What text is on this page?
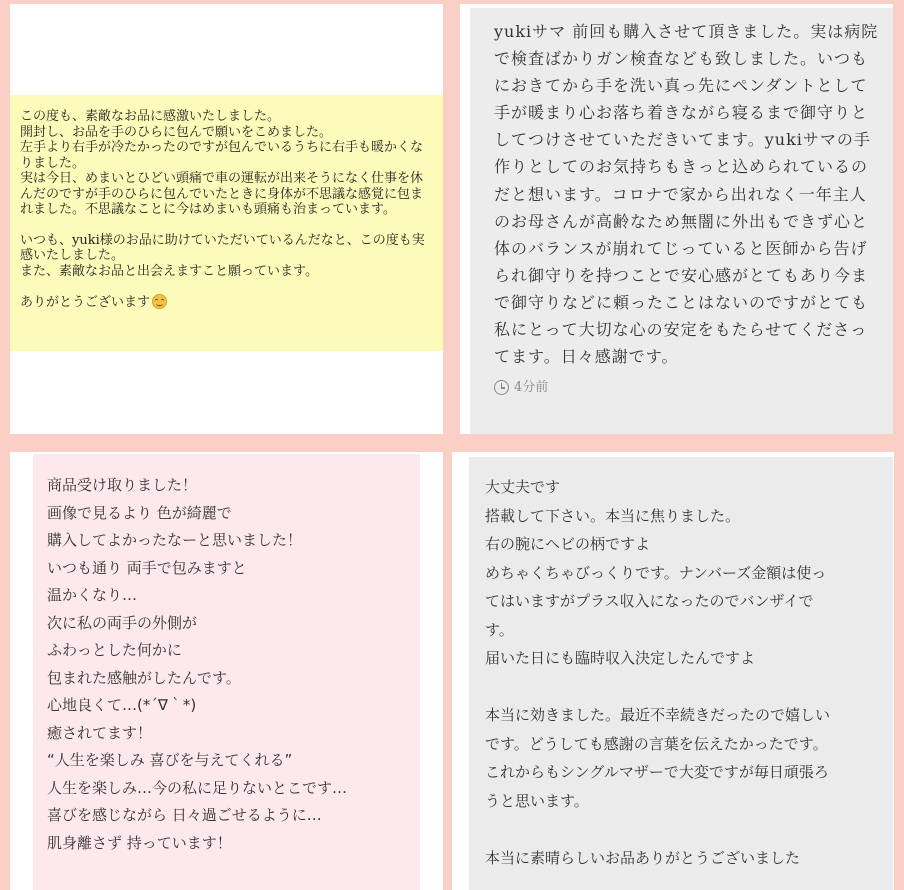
この度も、素敵なお品に感激いたしました。
開封し、お品を手のひらに包んで願いをこめました。
左手より右手が冷たかったのですが包んでいるうちに右手も暖かくなりました。
実は今日、めまいとひどい頭痛で車の運転が出来そうになく仕事を休んだのですが手のひらに包んでいたときに身体が不思議な感覚に包まれました。不思議なことに今はめまいも頭痛も治まっています。

いつも、yuki様のお品に助けていただいているんだなと、この度も実感いたしました。
また、素敵なお品と出会えますこと願っています。

ありがとうございます

yukiサマ 前回も購入させて頂きました。実は病院で検査ばかりガン検査なども致しました。いつもにおきてから手を洗い真っ先にペンダントとして手が暖まり心お落ち着きながら寝るまで御守りとしてつけさせていただきいてます。yukiサマの手作りとしてのお気持ちもきっと込められているのだと想います。コロナで家から出れなく一年主人のお母さんが高齢なため無闇に外出もできず心と体のバランスが崩れてじっていると医師から告げられ御守りを持つことで安心感がとてもあり今まで御守りなどに頼ったことはないのですがとても私にとって大切な心の安定をもたらせてくださってます。日々感謝です。

4分前

商品受け取りました！

画像で見るより 色が綺麗で

購入してよかったなーと思いました！

いつも通り 両手で包みますと

温かくなり…

次に私の両手の外側が

ふわっとした何かに

包まれた感触がしたんです。

心地良くて…(*´∇｀*)

癒されてます！

“人生を楽しみ 喜びを与えてくれる”

人生を楽しみ…今の私に足りないとこです…

喜びを感じながら 日々過ごせるように…

肌身離さず 持っています！

大丈夫です

搭載して下さい。本当に焦りました。

右の腕にヘビの柄ですよ

めちゃくちゃびっくりです。ナンバーズ金額は使ってはいますがプラス収入になったのでバンザイです。

届いた日にも臨時収入決定したんですよ

本当に効きました。最近不幸続きだったので嬉しいです。どうしても感謝の言葉を伝えたかったです。これからもシングルマザーで大変ですが毎日頑張ろうと思います。

本当に素晴らしいお品ありがとうございました
